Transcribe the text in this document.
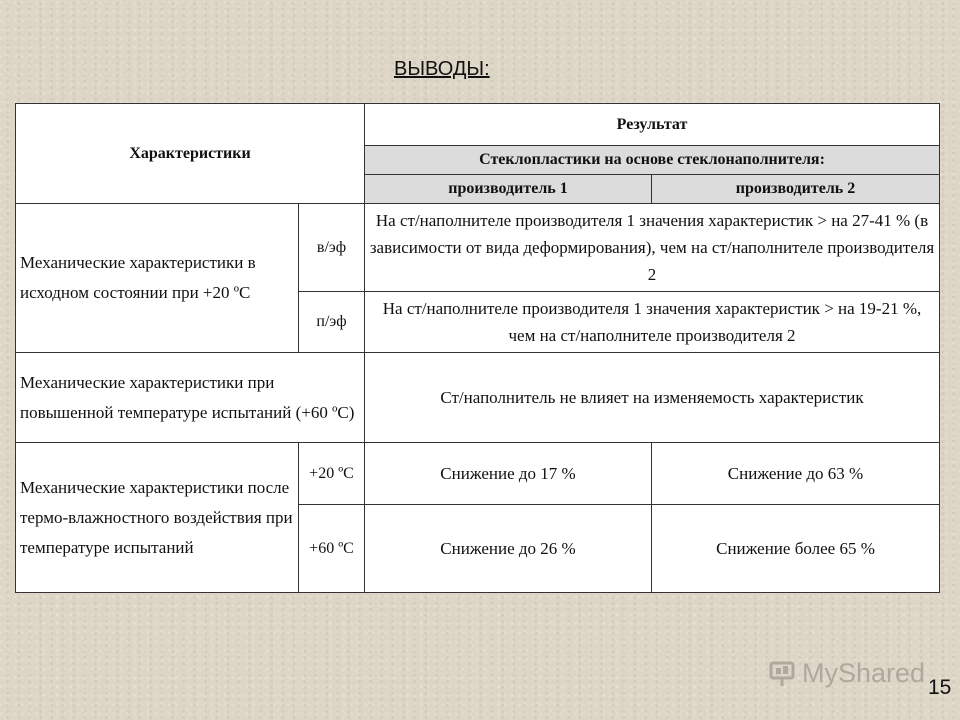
ВЫВОДЫ:
Характеристики		Результат	
		Стеклопластики на основе стеклонаполнителя:	
		производитель 1	производитель 2
Механические характеристики в исходном состоянии при +20 ºС	в/эф	На ст/наполнителе производителя 1 значения характеристик > на 27-41 % (в зависимости от вида деформирования), чем на ст/наполнителе производителя 2	
	п/эф	На ст/наполнителе производителя 1 значения характеристик > на 19-21 %, чем на ст/наполнителе производителя 2	
Механические характеристики при повышенной температуре испытаний (+60 ºС)		Ст/наполнитель не влияет на изменяемость характеристик	
Механические характеристики после термо-влажностного воздействия при температуре испытаний	+20 ºС	Снижение до 17 %	Снижение до 63 %
	+60 ºС	Снижение до 26 %	Снижение более 65 %
MyShared 15
